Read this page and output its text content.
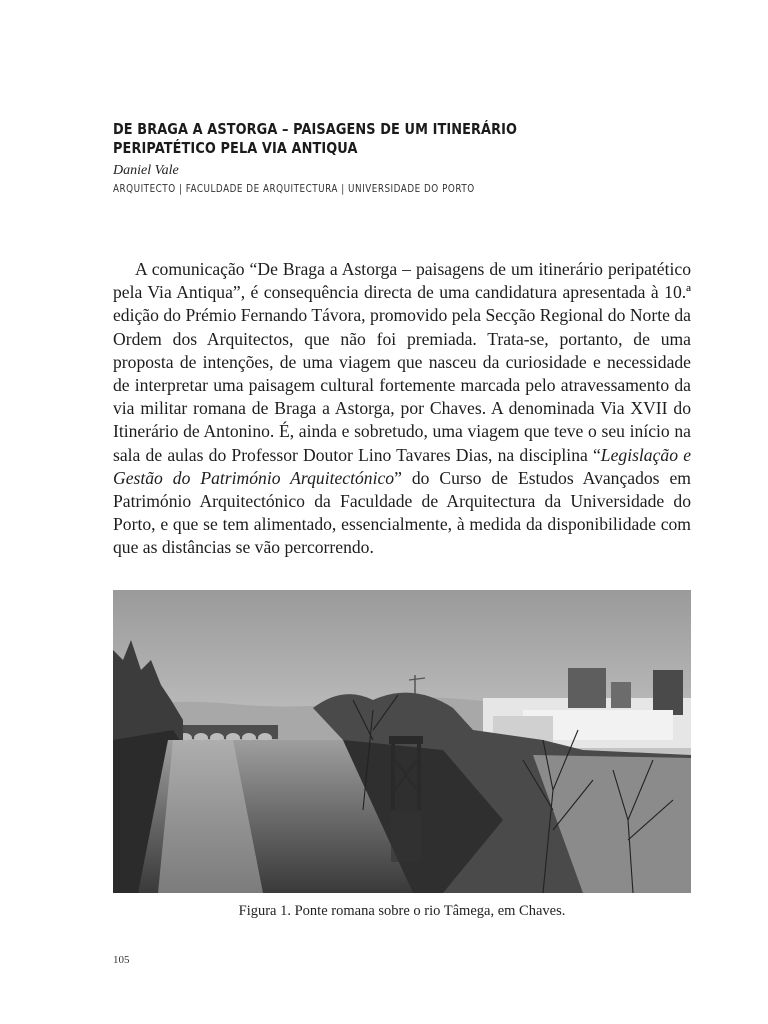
DE BRAGA A ASTORGA – PAISAGENS DE UM ITINERÁRIO
PERIPATÉTICO PELA VIA ANTIQUA
Daniel Vale
ARQUITECTO | FACULDADE DE ARQUITECTURA | UNIVERSIDADE DO PORTO

A comunicação “De Braga a Astorga – paisagens de um itinerário peripatético pela Via Antiqua”, é consequência directa de uma candidatura apresentada à 10.ª edição do Prémio Fernando Távora, promovido pela Secção Regional do Norte da Ordem dos Arquitectos, que não foi premiada. Trata-se, portanto, de uma proposta de intenções, de uma viagem que nasceu da curiosidade e necessidade de interpretar uma paisagem cultural fortemente marcada pelo atravessamento da via militar romana de Braga a Astorga, por Chaves. A denominada Via XVII do Itinerário de Antonino. É, ainda e sobretudo, uma viagem que teve o seu início na sala de aulas do Professor Doutor Lino Tavares Dias, na disciplina “Legislação e Gestão do Património Arquitectónico” do Curso de Estudos Avançados em Património Arquitectónico da Faculdade de Arquitectura da Universidade do Porto, e que se tem alimentado, essencialmente, à medida da disponibilidade com que as distâncias se vão percorrendo.

Figura 1. Ponte romana sobre o rio Tâmega, em Chaves.
105
